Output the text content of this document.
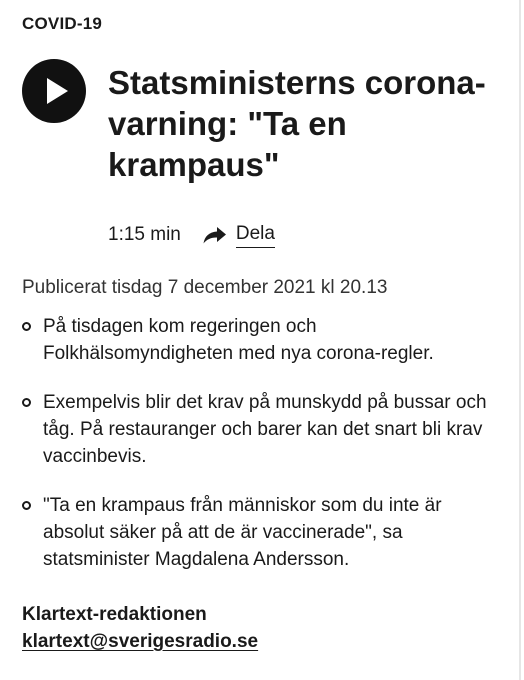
COVID-19
Statsministerns corona-varning: "Ta en krampaus"
1:15 min	Dela
Publicerat tisdag 7 december 2021 kl 20.13
På tisdagen kom regeringen och Folkhälsomyndigheten med nya corona-regler.
Exempelvis blir det krav på munskydd på bussar och tåg. På restauranger och barer kan det snart bli krav vaccinbevis.
"Ta en krampaus från människor som du inte är absolut säker på att de är vaccinerade", sa statsminister Magdalena Andersson.
Klartext-redaktionen
klartext@sverigesradio.se
